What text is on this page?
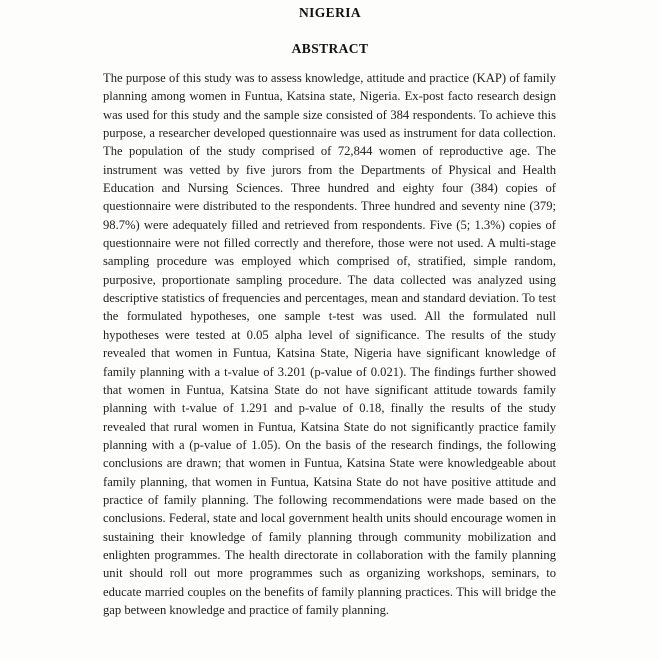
NIGERIA
ABSTRACT

The purpose of this study was to assess knowledge, attitude and practice (KAP) of family planning among women in Funtua, Katsina state, Nigeria. Ex-post facto research design was used for this study and the sample size consisted of 384 respondents. To achieve this purpose, a researcher developed questionnaire was used as instrument for data collection. The population of the study comprised of 72,844 women of reproductive age. The instrument was vetted by five jurors from the Departments of Physical and Health Education and Nursing Sciences. Three hundred and eighty four (384) copies of questionnaire were distributed to the respondents. Three hundred and seventy nine (379; 98.7%) were adequately filled and retrieved from respondents. Five (5; 1.3%) copies of questionnaire were not filled correctly and therefore, those were not used. A multi-stage sampling procedure was employed which comprised of, stratified, simple random, purposive, proportionate sampling procedure. The data collected was analyzed using descriptive statistics of frequencies and percentages, mean and standard deviation. To test the formulated hypotheses, one sample t-test was used. All the formulated null hypotheses were tested at 0.05 alpha level of significance. The results of the study revealed that women in Funtua, Katsina State, Nigeria have significant knowledge of family planning with a t-value of 3.201 (p-value of 0.021). The findings further showed that women in Funtua, Katsina State do not have significant attitude towards family planning with t-value of 1.291 and p-value of 0.18, finally the results of the study revealed that rural women in Funtua, Katsina State do not significantly practice family planning with a (p-value of 1.05). On the basis of the research findings, the following conclusions are drawn; that women in Funtua, Katsina State were knowledgeable about family planning, that women in Funtua, Katsina State do not have positive attitude and practice of family planning. The following recommendations were made based on the conclusions. Federal, state and local government health units should encourage women in sustaining their knowledge of family planning through community mobilization and enlighten programmes. The health directorate in collaboration with the family planning unit should roll out more programmes such as organizing workshops, seminars, to educate married couples on the benefits of family planning practices. This will bridge the gap between knowledge and practice of family planning.
